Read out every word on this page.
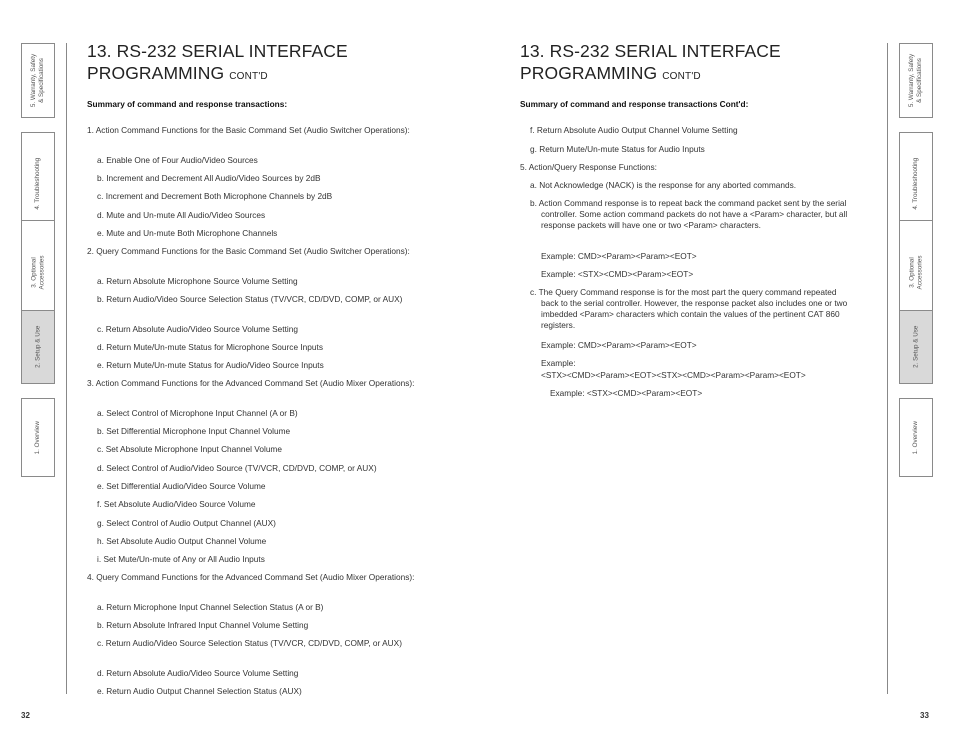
5. Warranty, Safety
& Specifications
4. Troubleshooting
3. Optional
Accessories
2. Setup & Use
1. Overview
5. Warranty, Safety
& Specifications
4. Troubleshooting
3. Optional
Accessories
2. Setup & Use
1. Overview
13. RS-232 SERIAL INTERFACE
PROGRAMMING CONT'D
Summary of command and response transactions:
1. Action Command Functions for the Basic Command Set (Audio Switcher Operations):
a. Enable One of Four Audio/Video Sources
b. Increment and Decrement All Audio/Video Sources by 2dB
c. Increment and Decrement Both Microphone Channels by 2dB
d. Mute and Un-mute All Audio/Video Sources
e. Mute and Un-mute Both Microphone Channels
2. Query Command Functions for the Basic Command Set (Audio Switcher Operations):
a. Return Absolute Microphone Source Volume Setting
b. Return Audio/Video Source Selection Status (TV/VCR, CD/DVD, COMP, or AUX)
c. Return Absolute Audio/Video Source Volume Setting
d. Return Mute/Un-mute Status for Microphone Source Inputs
e. Return Mute/Un-mute Status for Audio/Video Source Inputs
3. Action Command Functions for the Advanced Command Set (Audio Mixer Operations):
a. Select Control of Microphone Input Channel (A or B)
b. Set Differential Microphone Input Channel Volume
c. Set Absolute Microphone Input Channel Volume
d. Select Control of Audio/Video Source (TV/VCR, CD/DVD, COMP, or AUX)
e. Set Differential Audio/Video Source Volume
f. Set Absolute Audio/Video Source Volume
g. Select Control of Audio Output Channel (AUX)
h. Set Absolute Audio Output Channel Volume
i. Set Mute/Un-mute of Any or All Audio Inputs
4. Query Command Functions for the Advanced Command Set (Audio Mixer Operations):
a. Return Microphone Input Channel Selection Status (A or B)
b. Return Absolute Infrared Input Channel Volume Setting
c. Return Audio/Video Source Selection Status (TV/VCR, CD/DVD, COMP, or AUX)
d. Return Absolute Audio/Video Source Volume Setting
e. Return Audio Output Channel Selection Status (AUX)
13. RS-232 SERIAL INTERFACE
PROGRAMMING CONT'D
Summary of command and response transactions Cont'd:
f. Return Absolute Audio Output Channel Volume Setting
g. Return Mute/Un-mute Status for Audio Inputs
5. Action/Query Response Functions:
a. Not Acknowledge (NACK) is the response for any aborted commands.
b. Action Command response is to repeat back the command packet sent by the serial controller. Some action command packets do not have a <Param> character, but all response packets will have one or two <Param> characters.
Example: CMD><Param><Param><EOT>
Example: <STX><CMD><Param><EOT>
c. The Query Command response is for the most part the query command repeated back to the serial controller. However, the response packet also includes one or two imbedded <Param> characters which contain the values of the pertinent CAT 860 registers.
Example: CMD><Param><Param><EOT>
Example:
<STX><CMD><Param><EOT><STX><CMD><Param><Param><EOT>
Example: <STX><CMD><Param><EOT>
32	33
